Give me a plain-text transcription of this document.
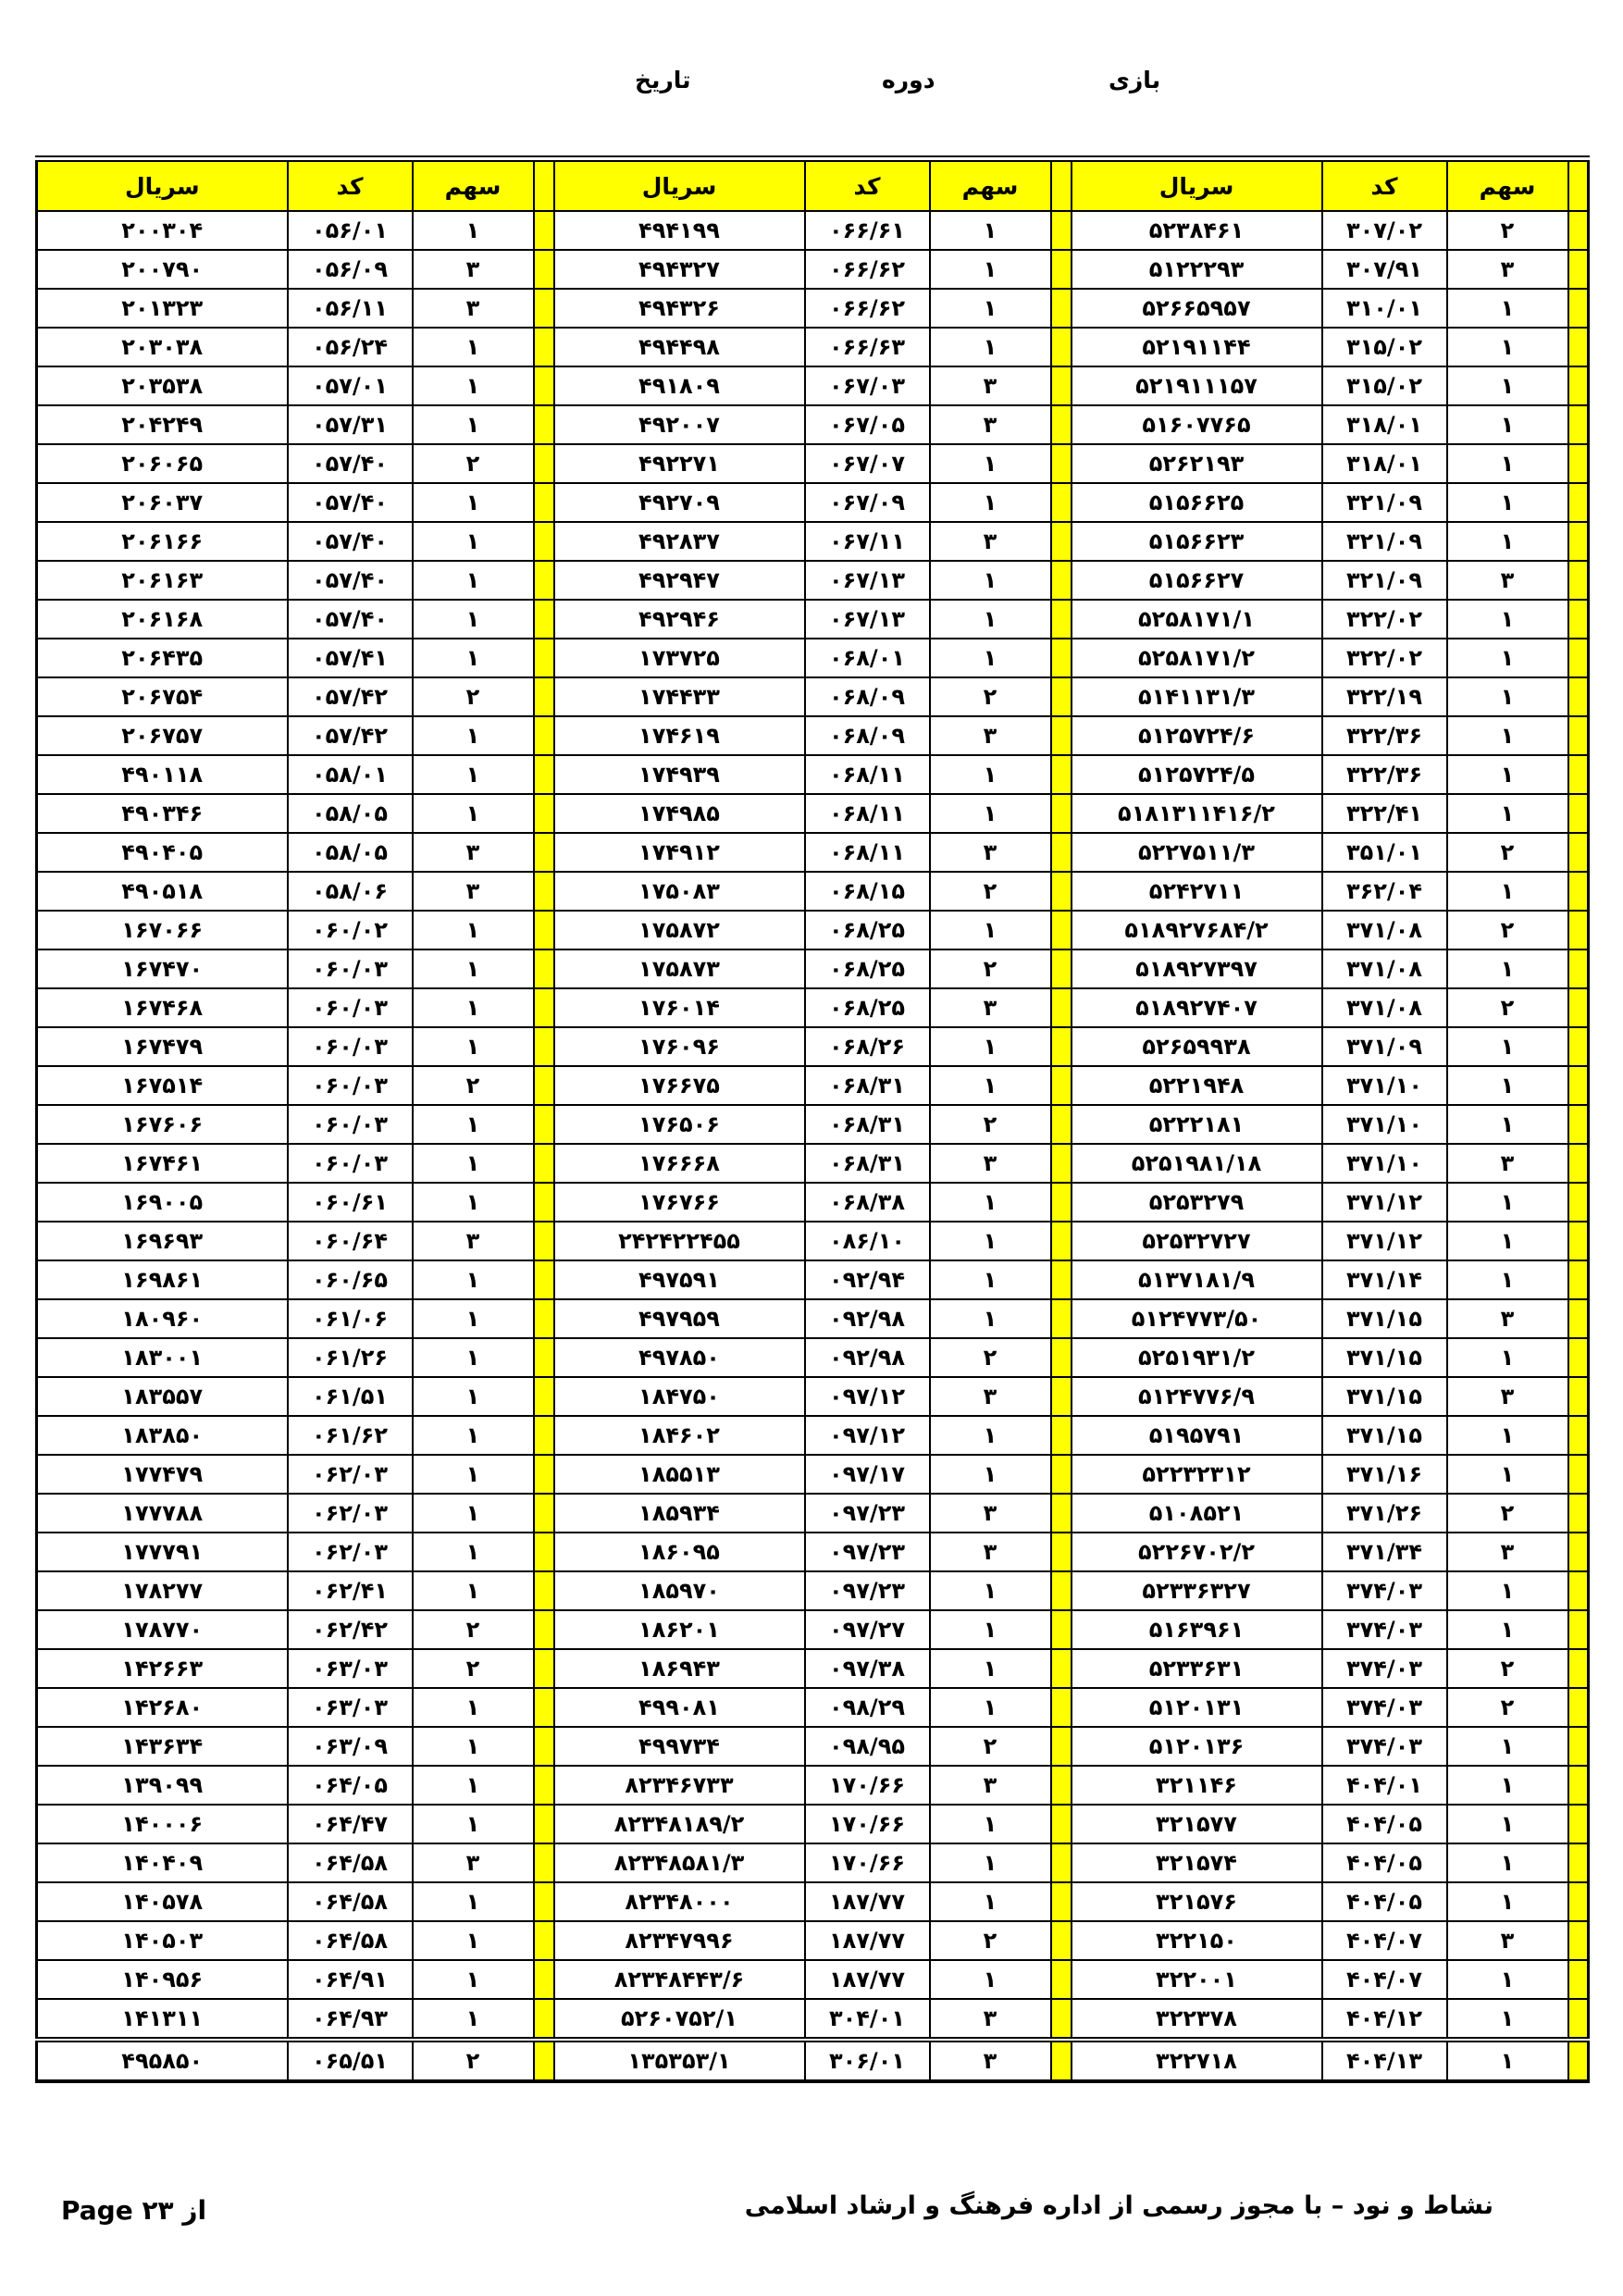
تاریخ	دوره	بازی
سریال	کد	سهم		سریال	کد	سهم		سریال	کد	سهم	
۲۰۰۳۰۴	۰۵۶/۰۱	۱		۴۹۴۱۹۹	۰۶۶/۶۱	۱		۵۲۳۸۴۶۱	۳۰۷/۰۲	۲	
۲۰۰۷۹۰	۰۵۶/۰۹	۳		۴۹۴۳۲۷	۰۶۶/۶۲	۱		۵۱۲۲۲۹۳	۳۰۷/۹۱	۳	
۲۰۱۳۲۳	۰۵۶/۱۱	۳		۴۹۴۳۲۶	۰۶۶/۶۲	۱		۵۲۶۶۵۹۵۷	۳۱۰/۰۱	۱	
۲۰۳۰۳۸	۰۵۶/۲۴	۱		۴۹۴۴۹۸	۰۶۶/۶۳	۱		۵۲۱۹۱۱۴۴	۳۱۵/۰۲	۱	
۲۰۳۵۳۸	۰۵۷/۰۱	۱		۴۹۱۸۰۹	۰۶۷/۰۳	۳		۵۲۱۹۱۱۱۵۷	۳۱۵/۰۲	۱	
۲۰۴۲۴۹	۰۵۷/۳۱	۱		۴۹۲۰۰۷	۰۶۷/۰۵	۳		۵۱۶۰۷۷۶۵	۳۱۸/۰۱	۱	
۲۰۶۰۶۵	۰۵۷/۴۰	۲		۴۹۲۲۷۱	۰۶۷/۰۷	۱		۵۲۶۲۱۹۳	۳۱۸/۰۱	۱	
۲۰۶۰۳۷	۰۵۷/۴۰	۱		۴۹۲۷۰۹	۰۶۷/۰۹	۱		۵۱۵۶۶۲۵	۳۲۱/۰۹	۱	
۲۰۶۱۶۶	۰۵۷/۴۰	۱		۴۹۲۸۳۷	۰۶۷/۱۱	۳		۵۱۵۶۶۲۳	۳۲۱/۰۹	۱	
۲۰۶۱۶۳	۰۵۷/۴۰	۱		۴۹۲۹۴۷	۰۶۷/۱۳	۱		۵۱۵۶۶۲۷	۳۲۱/۰۹	۳	
۲۰۶۱۶۸	۰۵۷/۴۰	۱		۴۹۲۹۴۶	۰۶۷/۱۳	۱		۵۲۵۸۱۷۱/۱	۳۲۲/۰۲	۱	
۲۰۶۴۳۵	۰۵۷/۴۱	۱		۱۷۳۷۲۵	۰۶۸/۰۱	۱		۵۲۵۸۱۷۱/۲	۳۲۲/۰۲	۱	
۲۰۶۷۵۴	۰۵۷/۴۲	۲		۱۷۴۴۳۳	۰۶۸/۰۹	۲		۵۱۴۱۱۳۱/۳	۳۲۲/۱۹	۱	
۲۰۶۷۵۷	۰۵۷/۴۲	۱		۱۷۴۶۱۹	۰۶۸/۰۹	۳		۵۱۲۵۷۲۴/۶	۳۲۲/۳۶	۱	
۴۹۰۱۱۸	۰۵۸/۰۱	۱		۱۷۴۹۳۹	۰۶۸/۱۱	۱		۵۱۲۵۷۲۴/۵	۳۲۲/۳۶	۱	
۴۹۰۳۴۶	۰۵۸/۰۵	۱		۱۷۴۹۸۵	۰۶۸/۱۱	۱		۵۱۸۱۳۱۱۴۱۶/۲	۳۲۲/۴۱	۱	
۴۹۰۴۰۵	۰۵۸/۰۵	۳		۱۷۴۹۱۲	۰۶۸/۱۱	۳		۵۲۲۷۵۱۱/۳	۳۵۱/۰۱	۲	
۴۹۰۵۱۸	۰۵۸/۰۶	۳		۱۷۵۰۸۳	۰۶۸/۱۵	۲		۵۲۴۲۷۱۱	۳۶۲/۰۴	۱	
۱۶۷۰۶۶	۰۶۰/۰۲	۱		۱۷۵۸۷۲	۰۶۸/۲۵	۱		۵۱۸۹۲۷۶۸۴/۲	۳۷۱/۰۸	۲	
۱۶۷۴۷۰	۰۶۰/۰۳	۱		۱۷۵۸۷۳	۰۶۸/۲۵	۲		۵۱۸۹۲۷۳۹۷	۳۷۱/۰۸	۱	
۱۶۷۴۶۸	۰۶۰/۰۳	۱		۱۷۶۰۱۴	۰۶۸/۲۵	۳		۵۱۸۹۲۷۴۰۷	۳۷۱/۰۸	۲	
۱۶۷۴۷۹	۰۶۰/۰۳	۱		۱۷۶۰۹۶	۰۶۸/۲۶	۱		۵۲۶۵۹۹۳۸	۳۷۱/۰۹	۱	
۱۶۷۵۱۴	۰۶۰/۰۳	۲		۱۷۶۶۷۵	۰۶۸/۳۱	۱		۵۲۲۱۹۴۸	۳۷۱/۱۰	۱	
۱۶۷۶۰۶	۰۶۰/۰۳	۱		۱۷۶۵۰۶	۰۶۸/۳۱	۲		۵۲۲۲۱۸۱	۳۷۱/۱۰	۱	
۱۶۷۴۶۱	۰۶۰/۰۳	۱		۱۷۶۶۶۸	۰۶۸/۳۱	۳		۵۲۵۱۹۸۱/۱۸	۳۷۱/۱۰	۳	
۱۶۹۰۰۵	۰۶۰/۶۱	۱		۱۷۶۷۶۶	۰۶۸/۳۸	۱		۵۲۵۳۲۷۹	۳۷۱/۱۲	۱	
۱۶۹۶۹۳	۰۶۰/۶۴	۳		۲۴۲۴۲۲۴۵۵	۰۸۶/۱۰	۱		۵۲۵۳۲۷۲۷	۳۷۱/۱۲	۱	
۱۶۹۸۶۱	۰۶۰/۶۵	۱		۴۹۷۵۹۱	۰۹۲/۹۴	۱		۵۱۳۷۱۸۱/۹	۳۷۱/۱۴	۱	
۱۸۰۹۶۰	۰۶۱/۰۶	۱		۴۹۷۹۵۹	۰۹۲/۹۸	۱		۵۱۲۴۷۷۳/۵۰	۳۷۱/۱۵	۳	
۱۸۳۰۰۱	۰۶۱/۲۶	۱		۴۹۷۸۵۰	۰۹۲/۹۸	۲		۵۲۵۱۹۳۱/۲	۳۷۱/۱۵	۱	
۱۸۳۵۵۷	۰۶۱/۵۱	۱		۱۸۴۷۵۰	۰۹۷/۱۲	۳		۵۱۲۴۷۷۶/۹	۳۷۱/۱۵	۳	
۱۸۳۸۵۰	۰۶۱/۶۲	۱		۱۸۴۶۰۲	۰۹۷/۱۲	۱		۵۱۹۵۷۹۱	۳۷۱/۱۵	۱	
۱۷۷۴۷۹	۰۶۲/۰۳	۱		۱۸۵۵۱۳	۰۹۷/۱۷	۱		۵۲۲۳۲۳۱۲	۳۷۱/۱۶	۱	
۱۷۷۷۸۸	۰۶۲/۰۳	۱		۱۸۵۹۳۴	۰۹۷/۲۳	۳		۵۱۰۸۵۲۱	۳۷۱/۲۶	۲	
۱۷۷۷۹۱	۰۶۲/۰۳	۱		۱۸۶۰۹۵	۰۹۷/۲۳	۳		۵۲۲۶۷۰۲/۲	۳۷۱/۳۴	۳	
۱۷۸۲۷۷	۰۶۲/۴۱	۱		۱۸۵۹۷۰	۰۹۷/۲۳	۱		۵۲۳۳۶۳۲۷	۳۷۴/۰۳	۱	
۱۷۸۷۷۰	۰۶۲/۴۲	۲		۱۸۶۲۰۱	۰۹۷/۲۷	۱		۵۱۶۳۹۶۱	۳۷۴/۰۳	۱	
۱۴۲۶۶۳	۰۶۳/۰۳	۲		۱۸۶۹۴۳	۰۹۷/۳۸	۱		۵۲۳۳۶۳۱	۳۷۴/۰۳	۲	
۱۴۲۶۸۰	۰۶۳/۰۳	۱		۴۹۹۰۸۱	۰۹۸/۲۹	۱		۵۱۲۰۱۳۱	۳۷۴/۰۳	۲	
۱۴۳۶۳۴	۰۶۳/۰۹	۱		۴۹۹۷۳۴	۰۹۸/۹۵	۲		۵۱۲۰۱۳۶	۳۷۴/۰۳	۱	
۱۳۹۰۹۹	۰۶۴/۰۵	۱		۸۲۳۴۶۷۳۳	۱۷۰/۶۶	۳		۳۲۱۱۴۶	۴۰۴/۰۱	۱	
۱۴۰۰۰۶	۰۶۴/۴۷	۱		۸۲۳۴۸۱۸۹/۲	۱۷۰/۶۶	۱		۳۲۱۵۷۷	۴۰۴/۰۵	۱	
۱۴۰۴۰۹	۰۶۴/۵۸	۳		۸۲۳۴۸۵۸۱/۳	۱۷۰/۶۶	۱		۳۲۱۵۷۴	۴۰۴/۰۵	۱	
۱۴۰۵۷۸	۰۶۴/۵۸	۱		۸۲۳۴۸۰۰۰	۱۸۷/۷۷	۱		۳۲۱۵۷۶	۴۰۴/۰۵	۱	
۱۴۰۵۰۳	۰۶۴/۵۸	۱		۸۲۳۴۷۹۹۶	۱۸۷/۷۷	۲		۳۲۲۱۵۰	۴۰۴/۰۷	۳	
۱۴۰۹۵۶	۰۶۴/۹۱	۱		۸۲۳۴۸۴۴۳/۶	۱۸۷/۷۷	۱		۳۲۲۰۰۱	۴۰۴/۰۷	۱	
۱۴۱۳۱۱	۰۶۴/۹۳	۱		۵۲۶۰۷۵۲/۱	۳۰۴/۰۱	۳		۳۲۲۳۷۸	۴۰۴/۱۲	۱	
۴۹۵۸۵۰	۰۶۵/۵۱	۲		۱۳۵۳۵۳/۱	۳۰۶/۰۱	۳		۳۲۲۷۱۸	۴۰۴/۱۳	۱	
نشاط و نود – با مجوز رسمی از اداره فرهنگ و ارشاد اسلامی
Page ۲۳ از
